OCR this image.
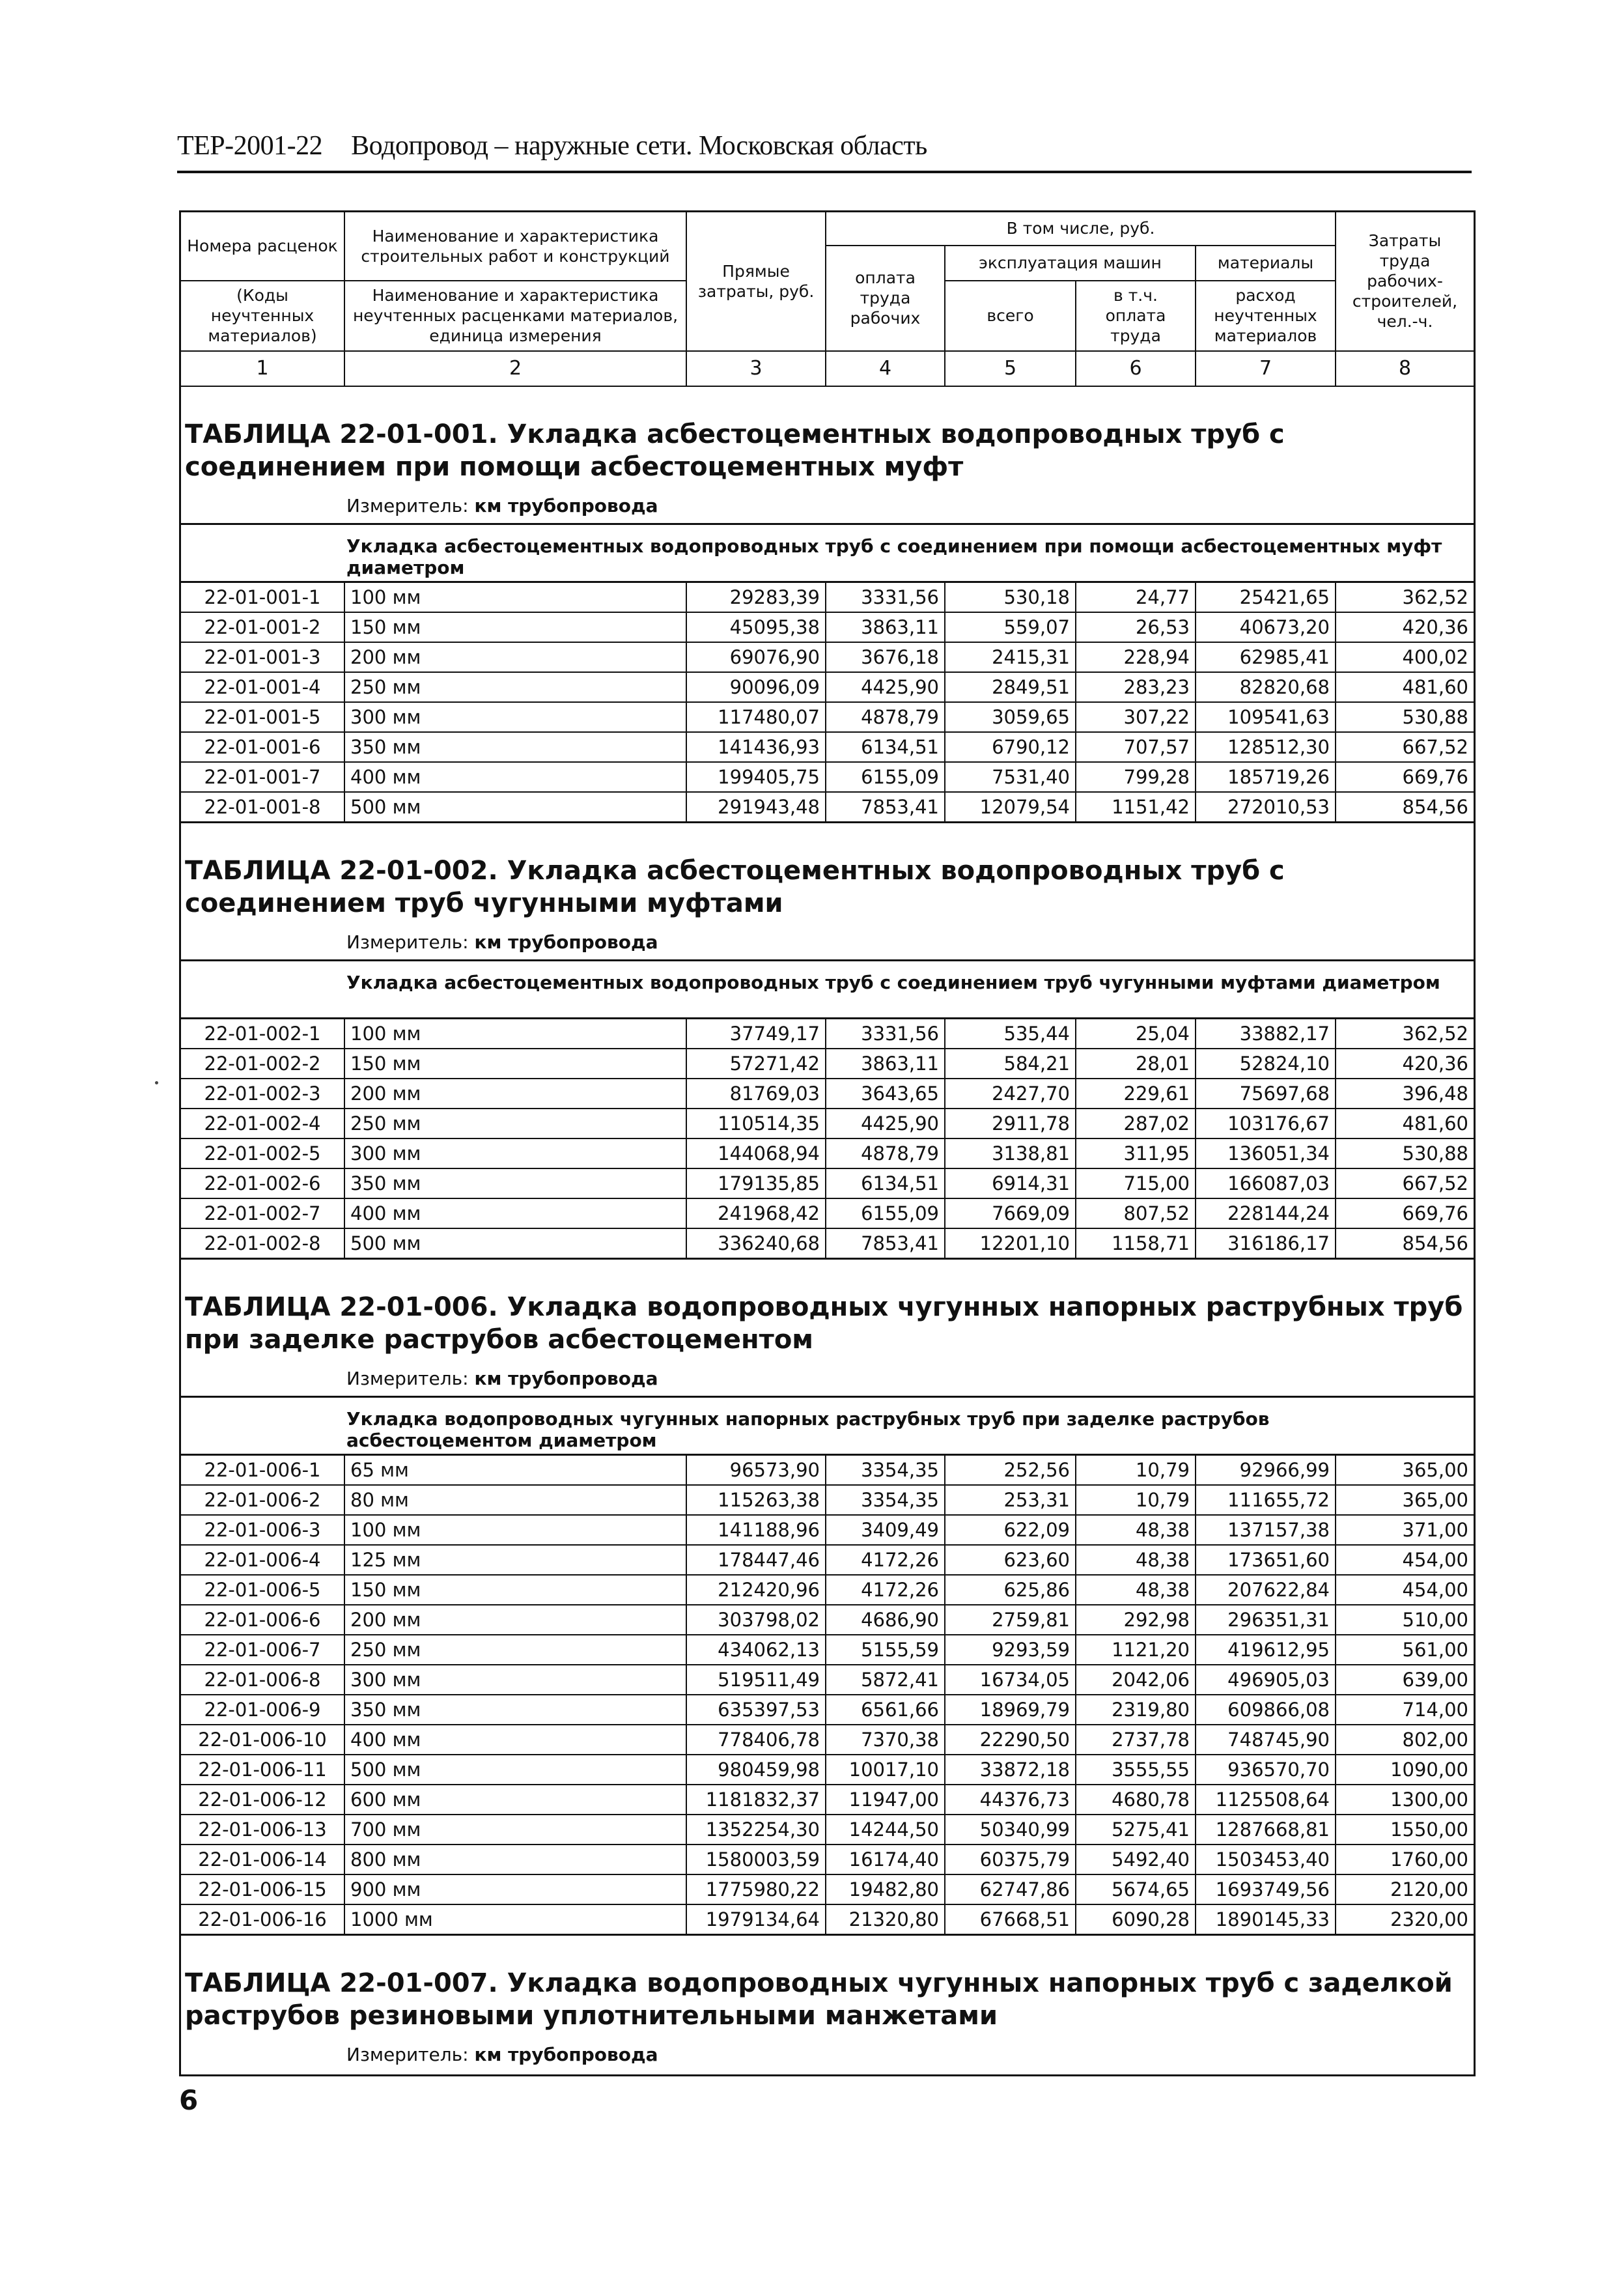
ТЕР-2001-22 Водопровод – наружные сети. Московская область
Номера расценок	Наименование и характеристика строительных работ и конструкций	Прямые затраты, руб.	В том числе, руб.				Затраты труда рабочих-строителей, чел.-ч.
			оплата труда рабочих	эксплуатация машин		материалы	
(Коды неучтенных материалов)	Наименование и характеристика неучтенных расценками материалов, единица измерения			всего	в т.ч. оплата труда	расход неучтенных материалов	

1	2	3	4	5	6	7	8
ТАБЛИЦА 22-01-001. Укладка асбестоцементных водопроводных труб с соединением при помощи асбестоцементных муфт
Измеритель: км трубопровода
Укладка асбестоцементных водопроводных труб с соединением при помощи асбестоцементных муфт диаметром
22-01-001-1	100 мм	29283,39	3331,56	530,18	24,77	25421,65	362,52
22-01-001-2	150 мм	45095,38	3863,11	559,07	26,53	40673,20	420,36
22-01-001-3	200 мм	69076,90	3676,18	2415,31	228,94	62985,41	400,02
22-01-001-4	250 мм	90096,09	4425,90	2849,51	283,23	82820,68	481,60
22-01-001-5	300 мм	117480,07	4878,79	3059,65	307,22	109541,63	530,88
22-01-001-6	350 мм	141436,93	6134,51	6790,12	707,57	128512,30	667,52
22-01-001-7	400 мм	199405,75	6155,09	7531,40	799,28	185719,26	669,76
22-01-001-8	500 мм	291943,48	7853,41	12079,54	1151,42	272010,53	854,56
ТАБЛИЦА 22-01-002. Укладка асбестоцементных водопроводных труб с соединением труб чугунными муфтами
Измеритель: км трубопровода
Укладка асбестоцементных водопроводных труб с соединением труб чугунными муфтами диаметром
22-01-002-1	100 мм	37749,17	3331,56	535,44	25,04	33882,17	362,52
22-01-002-2	150 мм	57271,42	3863,11	584,21	28,01	52824,10	420,36
22-01-002-3	200 мм	81769,03	3643,65	2427,70	229,61	75697,68	396,48
22-01-002-4	250 мм	110514,35	4425,90	2911,78	287,02	103176,67	481,60
22-01-002-5	300 мм	144068,94	4878,79	3138,81	311,95	136051,34	530,88
22-01-002-6	350 мм	179135,85	6134,51	6914,31	715,00	166087,03	667,52
22-01-002-7	400 мм	241968,42	6155,09	7669,09	807,52	228144,24	669,76
22-01-002-8	500 мм	336240,68	7853,41	12201,10	1158,71	316186,17	854,56
ТАБЛИЦА 22-01-006. Укладка водопроводных чугунных напорных раструбных труб при заделке раструбов асбестоцементом
Измеритель: км трубопровода
Укладка водопроводных чугунных напорных раструбных труб при заделке раструбов асбестоцементом диаметром
22-01-006-1	65 мм	96573,90	3354,35	252,56	10,79	92966,99	365,00
22-01-006-2	80 мм	115263,38	3354,35	253,31	10,79	111655,72	365,00
22-01-006-3	100 мм	141188,96	3409,49	622,09	48,38	137157,38	371,00
22-01-006-4	125 мм	178447,46	4172,26	623,60	48,38	173651,60	454,00
22-01-006-5	150 мм	212420,96	4172,26	625,86	48,38	207622,84	454,00
22-01-006-6	200 мм	303798,02	4686,90	2759,81	292,98	296351,31	510,00
22-01-006-7	250 мм	434062,13	5155,59	9293,59	1121,20	419612,95	561,00
22-01-006-8	300 мм	519511,49	5872,41	16734,05	2042,06	496905,03	639,00
22-01-006-9	350 мм	635397,53	6561,66	18969,79	2319,80	609866,08	714,00
22-01-006-10	400 мм	778406,78	7370,38	22290,50	2737,78	748745,90	802,00
22-01-006-11	500 мм	980459,98	10017,10	33872,18	3555,55	936570,70	1090,00
22-01-006-12	600 мм	1181832,37	11947,00	44376,73	4680,78	1125508,64	1300,00
22-01-006-13	700 мм	1352254,30	14244,50	50340,99	5275,41	1287668,81	1550,00
22-01-006-14	800 мм	1580003,59	16174,40	60375,79	5492,40	1503453,40	1760,00
22-01-006-15	900 мм	1775980,22	19482,80	62747,86	5674,65	1693749,56	2120,00
22-01-006-16	1000 мм	1979134,64	21320,80	67668,51	6090,28	1890145,33	2320,00
ТАБЛИЦА 22-01-007. Укладка водопроводных чугунных напорных труб с заделкой раструбов резиновыми уплотнительными манжетами
Измеритель: км трубопровода
6
